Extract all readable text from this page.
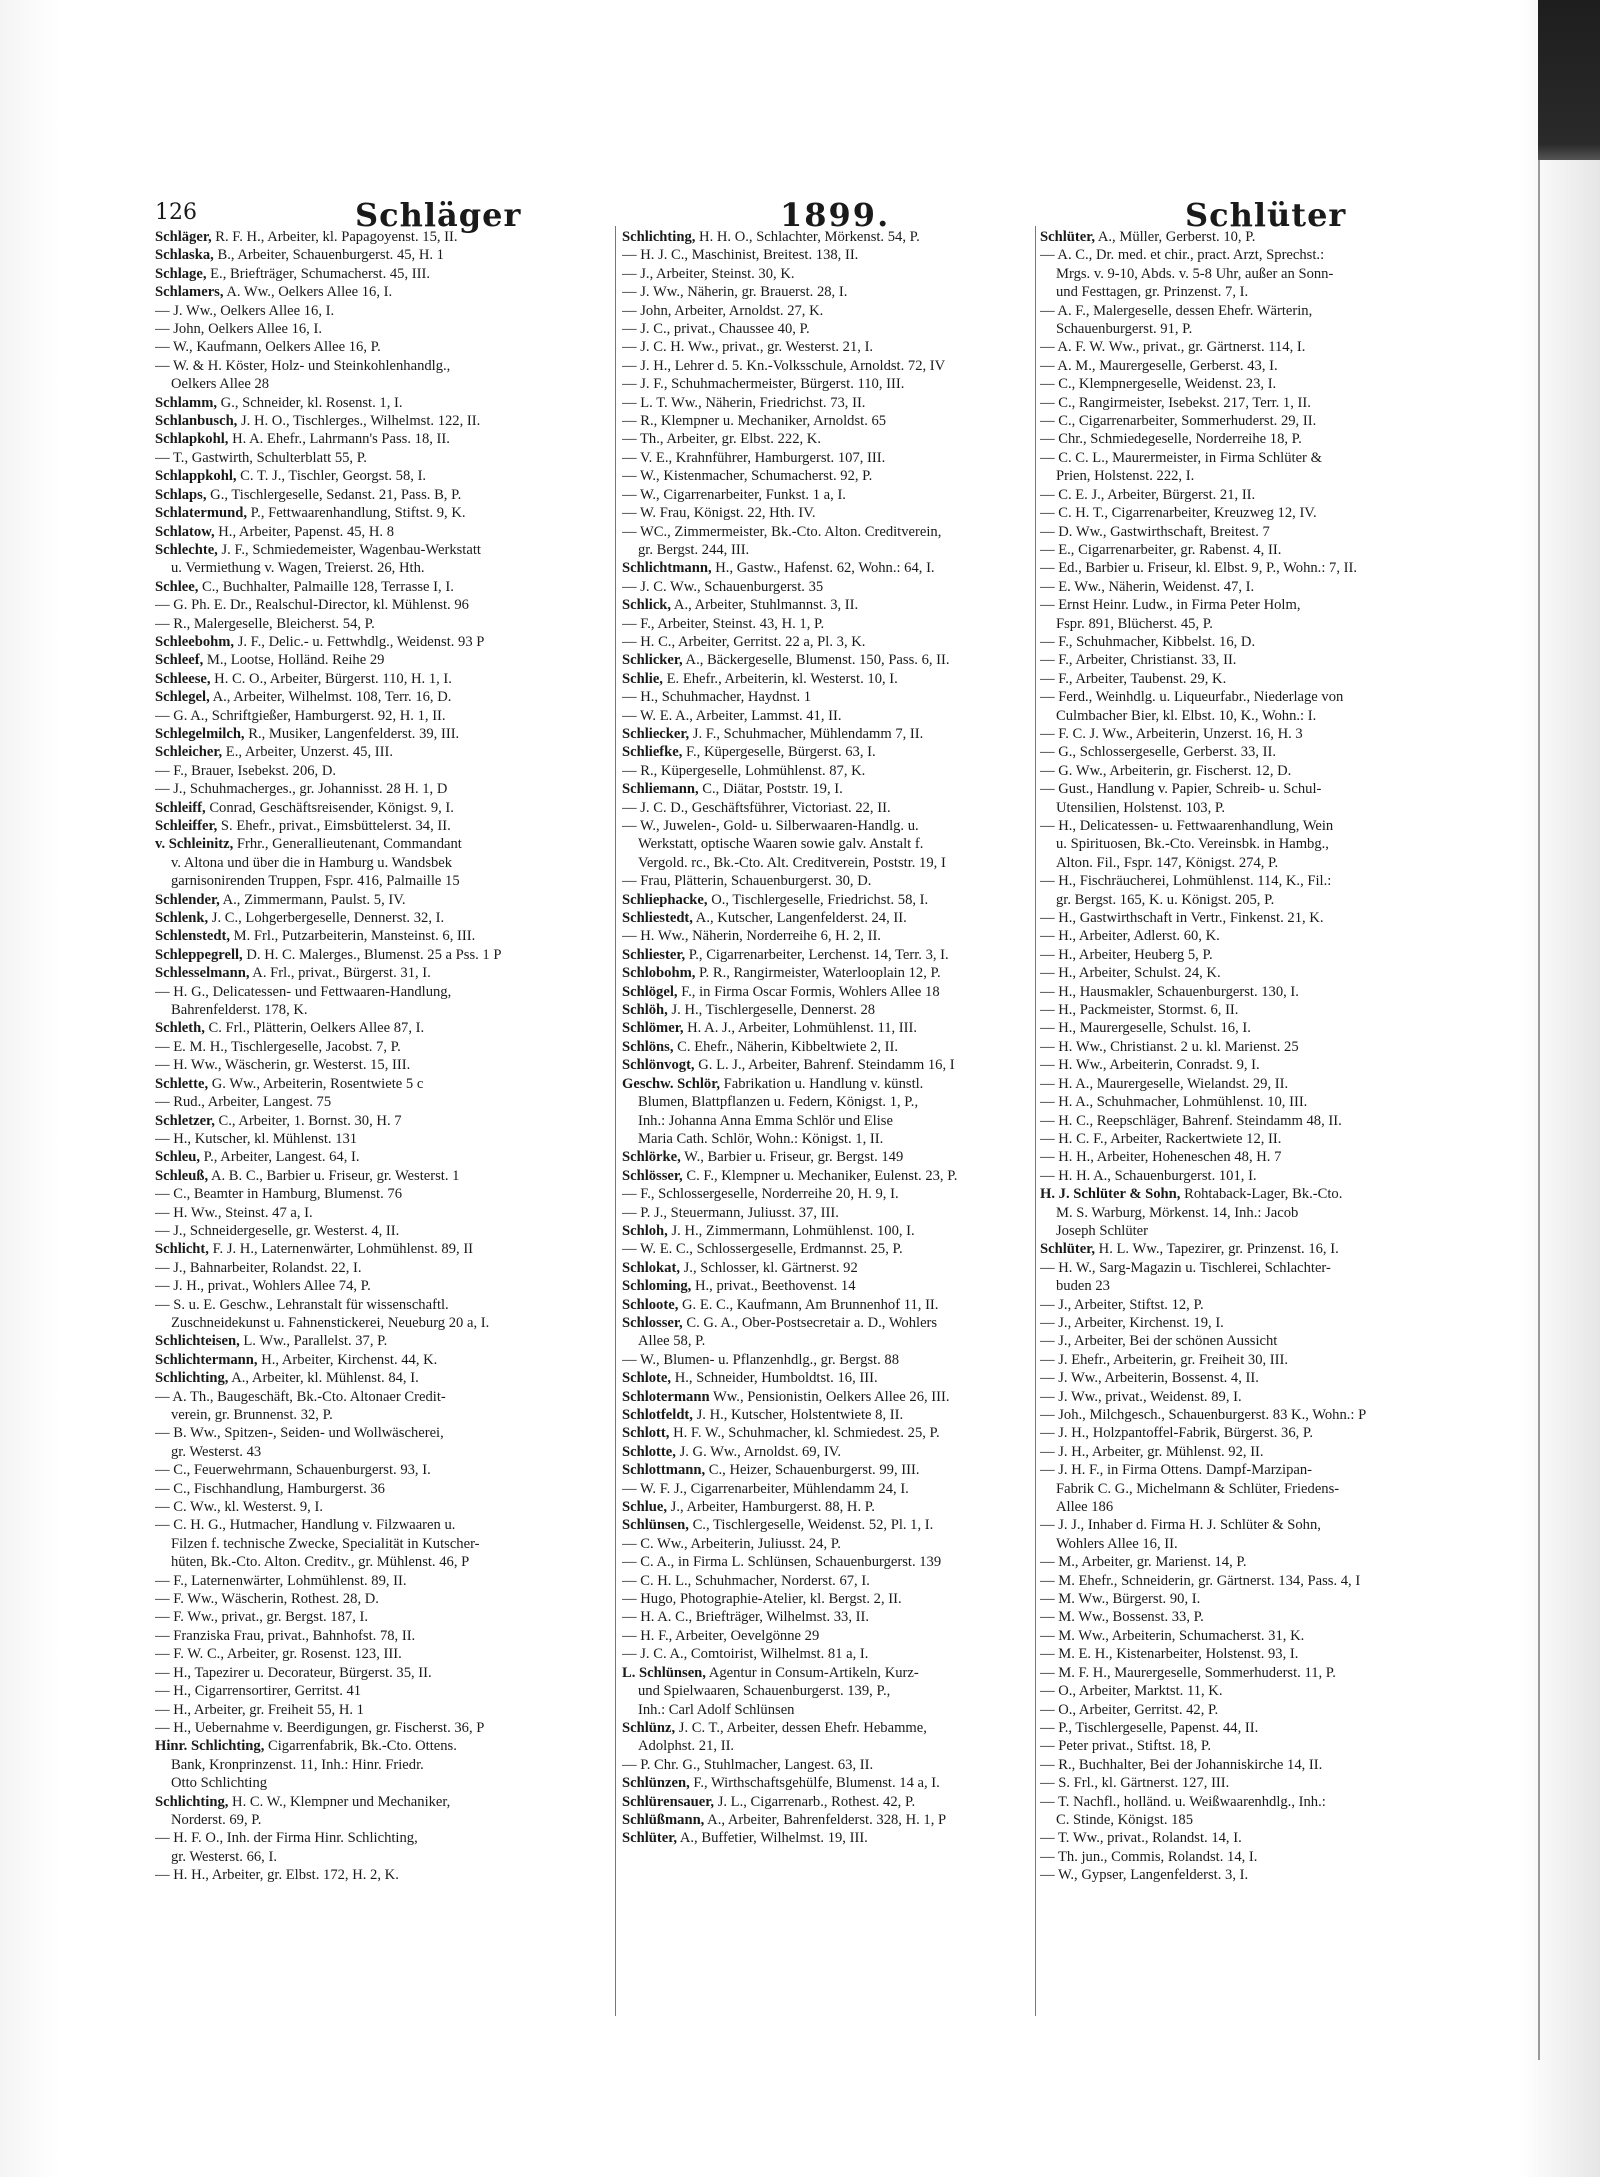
126	Schläger	1899.	Schlüter
Schläger, R. F. H., Arbeiter, kl. Papagoyenst. 15, II.
Schlaska, B., Arbeiter, Schauenburgerst. 45, H. 1
Schlage, E., Briefträger, Schumacherst. 45, III.
Schlamers, A. Ww., Oelkers Allee 16, I.
— J. Ww., Oelkers Allee 16, I.
— John, Oelkers Allee 16, I.
— W., Kaufmann, Oelkers Allee 16, P.
— W. & H. Köster, Holz- und Steinkohlenhandlg.,
Oelkers Allee 28
Schlamm, G., Schneider, kl. Rosenst. 1, I.
Schlanbusch, J. H. O., Tischlerges., Wilhelmst. 122, II.
Schlapkohl, H. A. Ehefr., Lahrmann's Pass. 18, II.
— T., Gastwirth, Schulterblatt 55, P.
Schlappkohl, C. T. J., Tischler, Georgst. 58, I.
Schlaps, G., Tischlergeselle, Sedanst. 21, Pass. B, P.
Schlatermund, P., Fettwaarenhandlung, Stiftst. 9, K.
Schlatow, H., Arbeiter, Papenst. 45, H. 8
Schlechte, J. F., Schmiedemeister, Wagenbau-Werkstatt
u. Vermiethung v. Wagen, Treierst. 26, Hth.
Schlee, C., Buchhalter, Palmaille 128, Terrasse I, I.
— G. Ph. E. Dr., Realschul-Director, kl. Mühlenst. 96
— R., Malergeselle, Bleicherst. 54, P.
Schleebohm, J. F., Delic.- u. Fettwhdlg., Weidenst. 93 P
Schleef, M., Lootse, Holländ. Reihe 29
Schleese, H. C. O., Arbeiter, Bürgerst. 110, H. 1, I.
Schlegel, A., Arbeiter, Wilhelmst. 108, Terr. 16, D.
— G. A., Schriftgießer, Hamburgerst. 92, H. 1, II.
Schlegelmilch, R., Musiker, Langenfelderst. 39, III.
Schleicher, E., Arbeiter, Unzerst. 45, III.
— F., Brauer, Isebekst. 206, D.
— J., Schuhmacherges., gr. Johannisst. 28 H. 1, D
Schleiff, Conrad, Geschäftsreisender, Königst. 9, I.
Schleiffer, S. Ehefr., privat., Eimsbüttelerst. 34, II.
v. Schleinitz, Frhr., Generallieutenant, Commandant
v. Altona und über die in Hamburg u. Wandsbek
garnisonirenden Truppen, Fspr. 416, Palmaille 15
Schlender, A., Zimmermann, Paulst. 5, IV.
Schlenk, J. C., Lohgerbergeselle, Dennerst. 32, I.
Schlenstedt, M. Frl., Putzarbeiterin, Mansteinst. 6, III.
Schleppegrell, D. H. C. Malerges., Blumenst. 25 a Pss. 1 P
Schlesselmann, A. Frl., privat., Bürgerst. 31, I.
— H. G., Delicatessen- und Fettwaaren-Handlung,
Bahrenfelderst. 178, K.
Schleth, C. Frl., Plätterin, Oelkers Allee 87, I.
— E. M. H., Tischlergeselle, Jacobst. 7, P.
— H. Ww., Wäscherin, gr. Westerst. 15, III.
Schlette, G. Ww., Arbeiterin, Rosentwiete 5 c
— Rud., Arbeiter, Langest. 75
Schletzer, C., Arbeiter, 1. Bornst. 30, H. 7
— H., Kutscher, kl. Mühlenst. 131
Schleu, P., Arbeiter, Langest. 64, I.
Schleuß, A. B. C., Barbier u. Friseur, gr. Westerst. 1
— C., Beamter in Hamburg, Blumenst. 76
— H. Ww., Steinst. 47 a, I.
— J., Schneidergeselle, gr. Westerst. 4, II.
Schlicht, F. J. H., Laternenwärter, Lohmühlenst. 89, II
— J., Bahnarbeiter, Rolandst. 22, I.
— J. H., privat., Wohlers Allee 74, P.
— S. u. E. Geschw., Lehranstalt für wissenschaftl.
Zuschneidekunst u. Fahnenstickerei, Neueburg 20 a, I.
Schlichteisen, L. Ww., Parallelst. 37, P.
Schlichtermann, H., Arbeiter, Kirchenst. 44, K.
Schlichting, A., Arbeiter, kl. Mühlenst. 84, I.
— A. Th., Baugeschäft, Bk.-Cto. Altonaer Credit-
verein, gr. Brunnenst. 32, P.
— B. Ww., Spitzen-, Seiden- und Wollwäscherei,
gr. Westerst. 43
— C., Feuerwehrmann, Schauenburgerst. 93, I.
— C., Fischhandlung, Hamburgerst. 36
— C. Ww., kl. Westerst. 9, I.
— C. H. G., Hutmacher, Handlung v. Filzwaaren u.
Filzen f. technische Zwecke, Specialität in Kutscher-
hüten, Bk.-Cto. Alton. Creditv., gr. Mühlenst. 46, P
— F., Laternenwärter, Lohmühlenst. 89, II.
— F. Ww., Wäscherin, Rothest. 28, D.
— F. Ww., privat., gr. Bergst. 187, I.
— Franziska Frau, privat., Bahnhofst. 78, II.
— F. W. C., Arbeiter, gr. Rosenst. 123, III.
— H., Tapezirer u. Decorateur, Bürgerst. 35, II.
— H., Cigarrensortirer, Gerritst. 41
— H., Arbeiter, gr. Freiheit 55, H. 1
— H., Uebernahme v. Beerdigungen, gr. Fischerst. 36, P
Hinr. Schlichting, Cigarrenfabrik, Bk.-Cto. Ottens.
Bank, Kronprinzenst. 11, Inh.: Hinr. Friedr.
Otto Schlichting
Schlichting, H. C. W., Klempner und Mechaniker,
Norderst. 69, P.
— H. F. O., Inh. der Firma Hinr. Schlichting,
gr. Westerst. 66, I.
— H. H., Arbeiter, gr. Elbst. 172, H. 2, K.
Schlichting, H. H. O., Schlachter, Mörkenst. 54, P.
— H. J. C., Maschinist, Breitest. 138, II.
— J., Arbeiter, Steinst. 30, K.
— J. Ww., Näherin, gr. Brauerst. 28, I.
— John, Arbeiter, Arnoldst. 27, K.
— J. C., privat., Chaussee 40, P.
— J. C. H. Ww., privat., gr. Westerst. 21, I.
— J. H., Lehrer d. 5. Kn.-Volksschule, Arnoldst. 72, IV
— J. F., Schuhmachermeister, Bürgerst. 110, III.
— L. T. Ww., Näherin, Friedrichst. 73, II.
— R., Klempner u. Mechaniker, Arnoldst. 65
— Th., Arbeiter, gr. Elbst. 222, K.
— V. E., Krahnführer, Hamburgerst. 107, III.
— W., Kistenmacher, Schumacherst. 92, P.
— W., Cigarrenarbeiter, Funkst. 1 a, I.
— W. Frau, Königst. 22, Hth. IV.
— WC., Zimmermeister, Bk.-Cto. Alton. Creditverein,
gr. Bergst. 244, III.
Schlichtmann, H., Gastw., Hafenst. 62, Wohn.: 64, I.
— J. C. Ww., Schauenburgerst. 35
Schlick, A., Arbeiter, Stuhlmannst. 3, II.
— F., Arbeiter, Steinst. 43, H. 1, P.
— H. C., Arbeiter, Gerritst. 22 a, Pl. 3, K.
Schlicker, A., Bäckergeselle, Blumenst. 150, Pass. 6, II.
Schlie, E. Ehefr., Arbeiterin, kl. Westerst. 10, I.
— H., Schuhmacher, Haydnst. 1
— W. E. A., Arbeiter, Lammst. 41, II.
Schliecker, J. F., Schuhmacher, Mühlendamm 7, II.
Schliefke, F., Küpergeselle, Bürgerst. 63, I.
— R., Küpergeselle, Lohmühlenst. 87, K.
Schliemann, C., Diätar, Poststr. 19, I.
— J. C. D., Geschäftsführer, Victoriast. 22, II.
— W., Juwelen-, Gold- u. Silberwaaren-Handlg. u.
Werkstatt, optische Waaren sowie galv. Anstalt f.
Vergold. rc., Bk.-Cto. Alt. Creditverein, Poststr. 19, I
— Frau, Plätterin, Schauenburgerst. 30, D.
Schliephacke, O., Tischlergeselle, Friedrichst. 58, I.
Schliestedt, A., Kutscher, Langenfelderst. 24, II.
— H. Ww., Näherin, Norderreihe 6, H. 2, II.
Schliester, P., Cigarrenarbeiter, Lerchenst. 14, Terr. 3, I.
Schlobohm, P. R., Rangirmeister, Waterlooplain 12, P.
Schlögel, F., in Firma Oscar Formis, Wohlers Allee 18
Schlöh, J. H., Tischlergeselle, Dennerst. 28
Schlömer, H. A. J., Arbeiter, Lohmühlenst. 11, III.
Schlöns, C. Ehefr., Näherin, Kibbeltwiete 2, II.
Schlönvogt, G. L. J., Arbeiter, Bahrenf. Steindamm 16, I
Geschw. Schlör, Fabrikation u. Handlung v. künstl.
Blumen, Blattpflanzen u. Federn, Königst. 1, P.,
Inh.: Johanna Anna Emma Schlör und Elise
Maria Cath. Schlör, Wohn.: Königst. 1, II.
Schlörke, W., Barbier u. Friseur, gr. Bergst. 149
Schlösser, C. F., Klempner u. Mechaniker, Eulenst. 23, P.
— F., Schlossergeselle, Norderreihe 20, H. 9, I.
— P. J., Steuermann, Juliusst. 37, III.
Schloh, J. H., Zimmermann, Lohmühlenst. 100, I.
— W. E. C., Schlossergeselle, Erdmannst. 25, P.
Schlokat, J., Schlosser, kl. Gärtnerst. 92
Schloming, H., privat., Beethovenst. 14
Schloote, G. E. C., Kaufmann, Am Brunnenhof 11, II.
Schlosser, C. G. A., Ober-Postsecretair a. D., Wohlers
Allee 58, P.
— W., Blumen- u. Pflanzenhdlg., gr. Bergst. 88
Schlote, H., Schneider, Humboldtst. 16, III.
Schlotermann Ww., Pensionistin, Oelkers Allee 26, III.
Schlotfeldt, J. H., Kutscher, Holstentwiete 8, II.
Schlott, H. F. W., Schuhmacher, kl. Schmiedest. 25, P.
Schlotte, J. G. Ww., Arnoldst. 69, IV.
Schlottmann, C., Heizer, Schauenburgerst. 99, III.
— W. F. J., Cigarrenarbeiter, Mühlendamm 24, I.
Schlue, J., Arbeiter, Hamburgerst. 88, H. P.
Schlünsen, C., Tischlergeselle, Weidenst. 52, Pl. 1, I.
— C. Ww., Arbeiterin, Juliusst. 24, P.
— C. A., in Firma L. Schlünsen, Schauenburgerst. 139
— C. H. L., Schuhmacher, Norderst. 67, I.
— Hugo, Photographie-Atelier, kl. Bergst. 2, II.
— H. A. C., Briefträger, Wilhelmst. 33, II.
— H. F., Arbeiter, Oevelgönne 29
— J. C. A., Comtoirist, Wilhelmst. 81 a, I.
L. Schlünsen, Agentur in Consum-Artikeln, Kurz-
und Spielwaaren, Schauenburgerst. 139, P.,
Inh.: Carl Adolf Schlünsen
Schlünz, J. C. T., Arbeiter, dessen Ehefr. Hebamme,
Adolphst. 21, II.
— P. Chr. G., Stuhlmacher, Langest. 63, II.
Schlünzen, F., Wirthschaftsgehülfe, Blumenst. 14 a, I.
Schlürensauer, J. L., Cigarrenarb., Rothest. 42, P.
Schlüßmann, A., Arbeiter, Bahrenfelderst. 328, H. 1, P
Schlüter, A., Buffetier, Wilhelmst. 19, III.
Schlüter, A., Müller, Gerberst. 10, P.
— A. C., Dr. med. et chir., pract. Arzt, Sprechst.:
Mrgs. v. 9-10, Abds. v. 5-8 Uhr, außer an Sonn-
und Festtagen, gr. Prinzenst. 7, I.
— A. F., Malergeselle, dessen Ehefr. Wärterin,
Schauenburgerst. 91, P.
— A. F. W. Ww., privat., gr. Gärtnerst. 114, I.
— A. M., Maurergeselle, Gerberst. 43, I.
— C., Klempnergeselle, Weidenst. 23, I.
— C., Rangirmeister, Isebekst. 217, Terr. 1, II.
— C., Cigarrenarbeiter, Sommerhuderst. 29, II.
— Chr., Schmiedegeselle, Norderreihe 18, P.
— C. C. L., Maurermeister, in Firma Schlüter &
Prien, Holstenst. 222, I.
— C. E. J., Arbeiter, Bürgerst. 21, II.
— C. H. T., Cigarrenarbeiter, Kreuzweg 12, IV.
— D. Ww., Gastwirthschaft, Breitest. 7
— E., Cigarrenarbeiter, gr. Rabenst. 4, II.
— Ed., Barbier u. Friseur, kl. Elbst. 9, P., Wohn.: 7, II.
— E. Ww., Näherin, Weidenst. 47, I.
— Ernst Heinr. Ludw., in Firma Peter Holm,
Fspr. 891, Blücherst. 45, P.
— F., Schuhmacher, Kibbelst. 16, D.
— F., Arbeiter, Christianst. 33, II.
— F., Arbeiter, Taubenst. 29, K.
— Ferd., Weinhdlg. u. Liqueurfabr., Niederlage von
Culmbacher Bier, kl. Elbst. 10, K., Wohn.: I.
— F. C. J. Ww., Arbeiterin, Unzerst. 16, H. 3
— G., Schlossergeselle, Gerberst. 33, II.
— G. Ww., Arbeiterin, gr. Fischerst. 12, D.
— Gust., Handlung v. Papier, Schreib- u. Schul-
Utensilien, Holstenst. 103, P.
— H., Delicatessen- u. Fettwaarenhandlung, Wein
u. Spirituosen, Bk.-Cto. Vereinsbk. in Hambg.,
Alton. Fil., Fspr. 147, Königst. 274, P.
— H., Fischräucherei, Lohmühlenst. 114, K., Fil.:
gr. Bergst. 165, K. u. Königst. 205, P.
— H., Gastwirthschaft in Vertr., Finkenst. 21, K.
— H., Arbeiter, Adlerst. 60, K.
— H., Arbeiter, Heuberg 5, P.
— H., Arbeiter, Schulst. 24, K.
— H., Hausmakler, Schauenburgerst. 130, I.
— H., Packmeister, Stormst. 6, II.
— H., Maurergeselle, Schulst. 16, I.
— H. Ww., Christianst. 2 u. kl. Marienst. 25
— H. Ww., Arbeiterin, Conradst. 9, I.
— H. A., Maurergeselle, Wielandst. 29, II.
— H. A., Schuhmacher, Lohmühlenst. 10, III.
— H. C., Reepschläger, Bahrenf. Steindamm 48, II.
— H. C. F., Arbeiter, Rackertwiete 12, II.
— H. H., Arbeiter, Hoheneschen 48, H. 7
— H. H. A., Schauenburgerst. 101, I.
H. J. Schlüter & Sohn, Rohtaback-Lager, Bk.-Cto.
M. S. Warburg, Mörkenst. 14, Inh.: Jacob
Joseph Schlüter
Schlüter, H. L. Ww., Tapezirer, gr. Prinzenst. 16, I.
— H. W., Sarg-Magazin u. Tischlerei, Schlachter-
buden 23
— J., Arbeiter, Stiftst. 12, P.
— J., Arbeiter, Kirchenst. 19, I.
— J., Arbeiter, Bei der schönen Aussicht
— J. Ehefr., Arbeiterin, gr. Freiheit 30, III.
— J. Ww., Arbeiterin, Bossenst. 4, II.
— J. Ww., privat., Weidenst. 89, I.
— Joh., Milchgesch., Schauenburgerst. 83 K., Wohn.: P
— J. H., Holzpantoffel-Fabrik, Bürgerst. 36, P.
— J. H., Arbeiter, gr. Mühlenst. 92, II.
— J. H. F., in Firma Ottens. Dampf-Marzipan-
Fabrik C. G., Michelmann & Schlüter, Friedens-
Allee 186
— J. J., Inhaber d. Firma H. J. Schlüter & Sohn,
Wohlers Allee 16, II.
— M., Arbeiter, gr. Marienst. 14, P.
— M. Ehefr., Schneiderin, gr. Gärtnerst. 134, Pass. 4, I
— M. Ww., Bürgerst. 90, I.
— M. Ww., Bossenst. 33, P.
— M. Ww., Arbeiterin, Schumacherst. 31, K.
— M. E. H., Kistenarbeiter, Holstenst. 93, I.
— M. F. H., Maurergeselle, Sommerhuderst. 11, P.
— O., Arbeiter, Marktst. 11, K.
— O., Arbeiter, Gerritst. 42, P.
— P., Tischlergeselle, Papenst. 44, II.
— Peter privat., Stiftst. 18, P.
— R., Buchhalter, Bei der Johanniskirche 14, II.
— S. Frl., kl. Gärtnerst. 127, III.
— T. Nachfl., holländ. u. Weißwaarenhdlg., Inh.:
C. Stinde, Königst. 185
— T. Ww., privat., Rolandst. 14, I.
— Th. jun., Commis, Rolandst. 14, I.
— W., Gypser, Langenfelderst. 3, I.
